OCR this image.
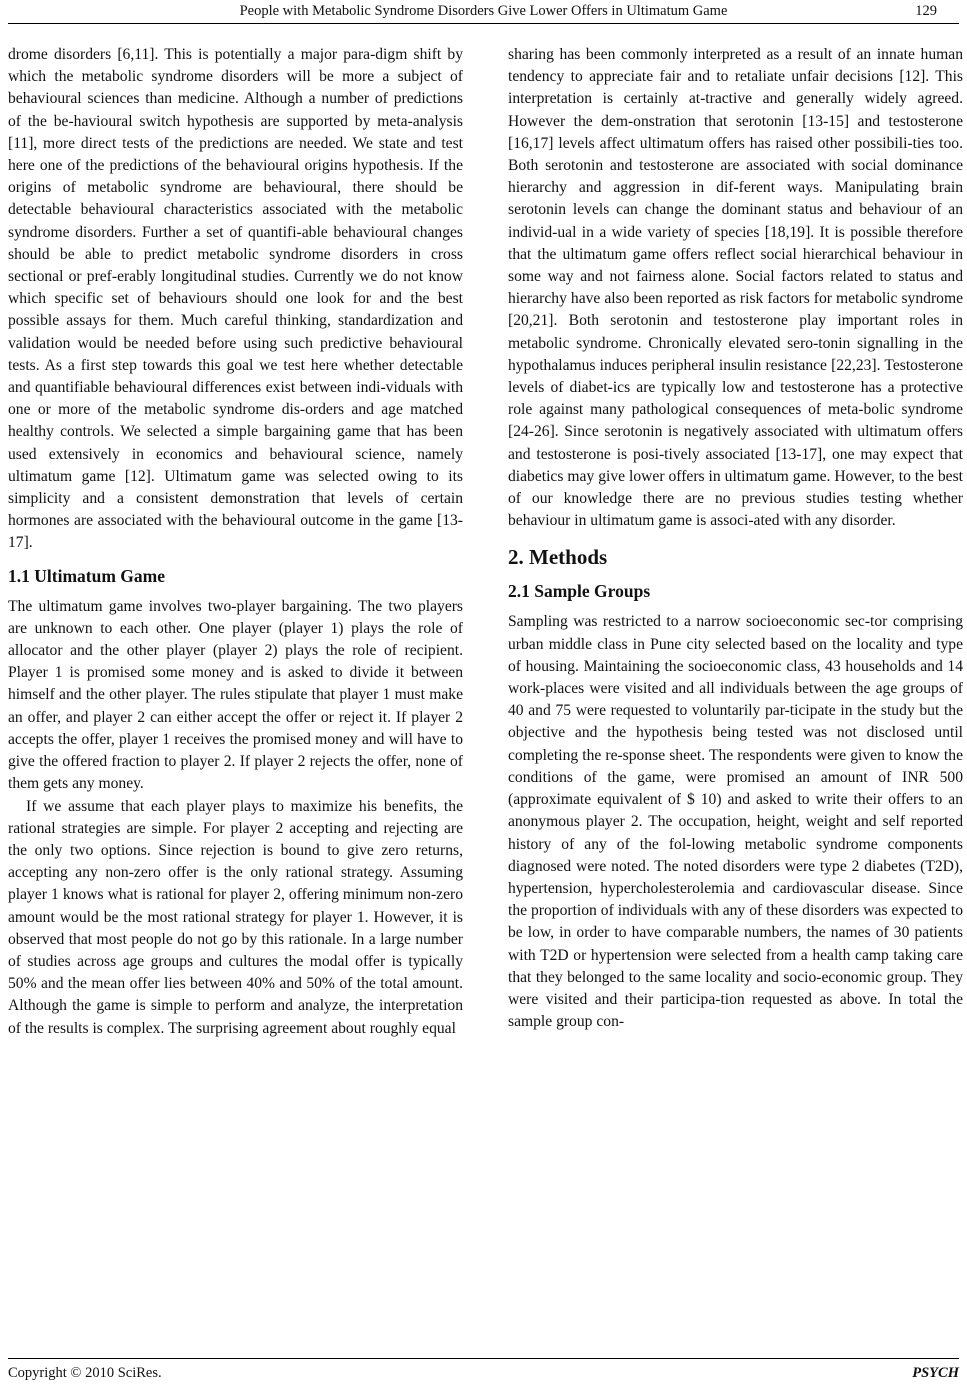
People with Metabolic Syndrome Disorders Give Lower Offers in Ultimatum Game	129

drome disorders [6,11]. This is potentially a major para-digm shift by which the metabolic syndrome disorders will be more a subject of behavioural sciences than medicine. Although a number of predictions of the be-havioural switch hypothesis are supported by meta-analysis [11], more direct tests of the predictions are needed. We state and test here one of the predictions of the behavioural origins hypothesis. If the origins of metabolic syndrome are behavioural, there should be detectable behavioural characteristics associated with the metabolic syndrome disorders. Further a set of quantifi-able behavioural changes should be able to predict metabolic syndrome disorders in cross sectional or pref-erably longitudinal studies. Currently we do not know which specific set of behaviours should one look for and the best possible assays for them. Much careful thinking, standardization and validation would be needed before using such predictive behavioural tests. As a first step towards this goal we test here whether detectable and quantifiable behavioural differences exist between indi-viduals with one or more of the metabolic syndrome dis-orders and age matched healthy controls. We selected a simple bargaining game that has been used extensively in economics and behavioural science, namely ultimatum game [12]. Ultimatum game was selected owing to its simplicity and a consistent demonstration that levels of certain hormones are associated with the behavioural outcome in the game [13-17].

1.1 Ultimatum Game

The ultimatum game involves two-player bargaining. The two players are unknown to each other. One player (player 1) plays the role of allocator and the other player (player 2) plays the role of recipient. Player 1 is promised some money and is asked to divide it between himself and the other player. The rules stipulate that player 1 must make an offer, and player 2 can either accept the offer or reject it. If player 2 accepts the offer, player 1 receives the promised money and will have to give the offered fraction to player 2. If player 2 rejects the offer, none of them gets any money.

If we assume that each player plays to maximize his benefits, the rational strategies are simple. For player 2 accepting and rejecting are the only two options. Since rejection is bound to give zero returns, accepting any non-zero offer is the only rational strategy. Assuming player 1 knows what is rational for player 2, offering minimum non-zero amount would be the most rational strategy for player 1. However, it is observed that most people do not go by this rationale. In a large number of studies across age groups and cultures the modal offer is typically 50% and the mean offer lies between 40% and 50% of the total amount. Although the game is simple to perform and analyze, the interpretation of the results is complex. The surprising agreement about roughly equal

sharing has been commonly interpreted as a result of an innate human tendency to appreciate fair and to retaliate unfair decisions [12]. This interpretation is certainly at-tractive and generally widely agreed. However the dem-onstration that serotonin [13-15] and testosterone [16,17] levels affect ultimatum offers has raised other possibili-ties too. Both serotonin and testosterone are associated with social dominance hierarchy and aggression in dif-ferent ways. Manipulating brain serotonin levels can change the dominant status and behaviour of an individ-ual in a wide variety of species [18,19]. It is possible therefore that the ultimatum game offers reflect social hierarchical behaviour in some way and not fairness alone. Social factors related to status and hierarchy have also been reported as risk factors for metabolic syndrome [20,21]. Both serotonin and testosterone play important roles in metabolic syndrome. Chronically elevated sero-tonin signalling in the hypothalamus induces peripheral insulin resistance [22,23]. Testosterone levels of diabet-ics are typically low and testosterone has a protective role against many pathological consequences of meta-bolic syndrome [24-26]. Since serotonin is negatively associated with ultimatum offers and testosterone is posi-tively associated [13-17], one may expect that diabetics may give lower offers in ultimatum game. However, to the best of our knowledge there are no previous studies testing whether behaviour in ultimatum game is associ-ated with any disorder.

2. Methods
2.1 Sample Groups

Sampling was restricted to a narrow socioeconomic sec-tor comprising urban middle class in Pune city selected based on the locality and type of housing. Maintaining the socioeconomic class, 43 households and 14 work-places were visited and all individuals between the age groups of 40 and 75 were requested to voluntarily par-ticipate in the study but the objective and the hypothesis being tested was not disclosed until completing the re-sponse sheet. The respondents were given to know the conditions of the game, were promised an amount of INR 500 (approximate equivalent of $ 10) and asked to write their offers to an anonymous player 2. The occupation, height, weight and self reported history of any of the fol-lowing metabolic syndrome components diagnosed were noted. The noted disorders were type 2 diabetes (T2D), hypertension, hypercholesterolemia and cardiovascular disease. Since the proportion of individuals with any of these disorders was expected to be low, in order to have comparable numbers, the names of 30 patients with T2D or hypertension were selected from a health camp taking care that they belonged to the same locality and socio-economic group. They were visited and their participa-tion requested as above. In total the sample group con-

Copyright © 2010 SciRes.	PSYCH
